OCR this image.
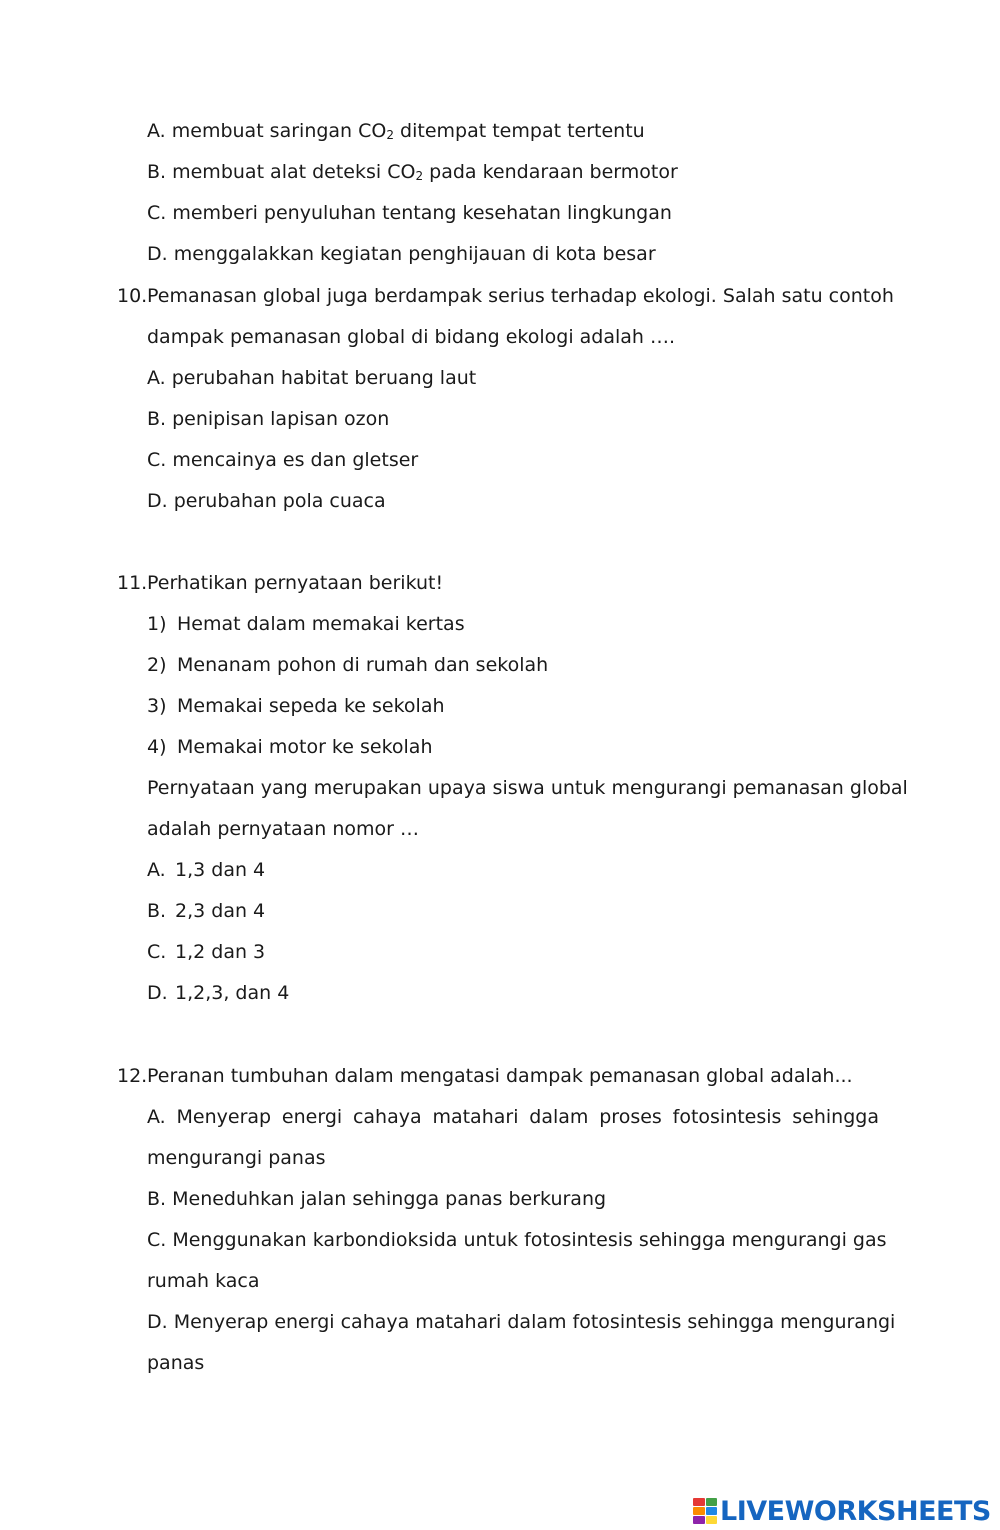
A. membuat saringan $CO_2$ ditempat tempat tertentu
B. membuat alat deteksi $CO_2$ pada kendaraan bermotor
C. memberi penyuluhan tentang kesehatan lingkungan
D. menggalakkan kegiatan penghijauan di kota besar
10. Pemanasan global juga berdampak serius terhadap ekologi. Salah satu contoh
dampak pemanasan global di bidang ekologi adalah ….
A. perubahan habitat beruang laut
B. penipisan lapisan ozon
C. mencainya es dan gletser
D. perubahan pola cuaca
11. Perhatikan pernyataan berikut!
1) Hemat dalam memakai kertas
2) Menanam pohon di rumah dan sekolah
3) Memakai sepeda ke sekolah
4) Memakai motor ke sekolah
Pernyataan yang merupakan upaya siswa untuk mengurangi pemanasan global
adalah pernyataan nomor …
A. 1,3 dan 4
B. 2,3 dan 4
C. 1,2 dan 3
D. 1,2,3, dan 4
12. Peranan tumbuhan dalam mengatasi dampak pemanasan global adalah...
A. Menyerap energi cahaya matahari dalam proses fotosintesis sehingga
mengurangi panas
B. Meneduhkan jalan sehingga panas berkurang
C. Menggunakan karbondioksida untuk fotosintesis sehingga mengurangi gas
rumah kaca
D. Menyerap energi cahaya matahari dalam fotosintesis sehingga mengurangi
panas
LIVEWORKSHEETS
